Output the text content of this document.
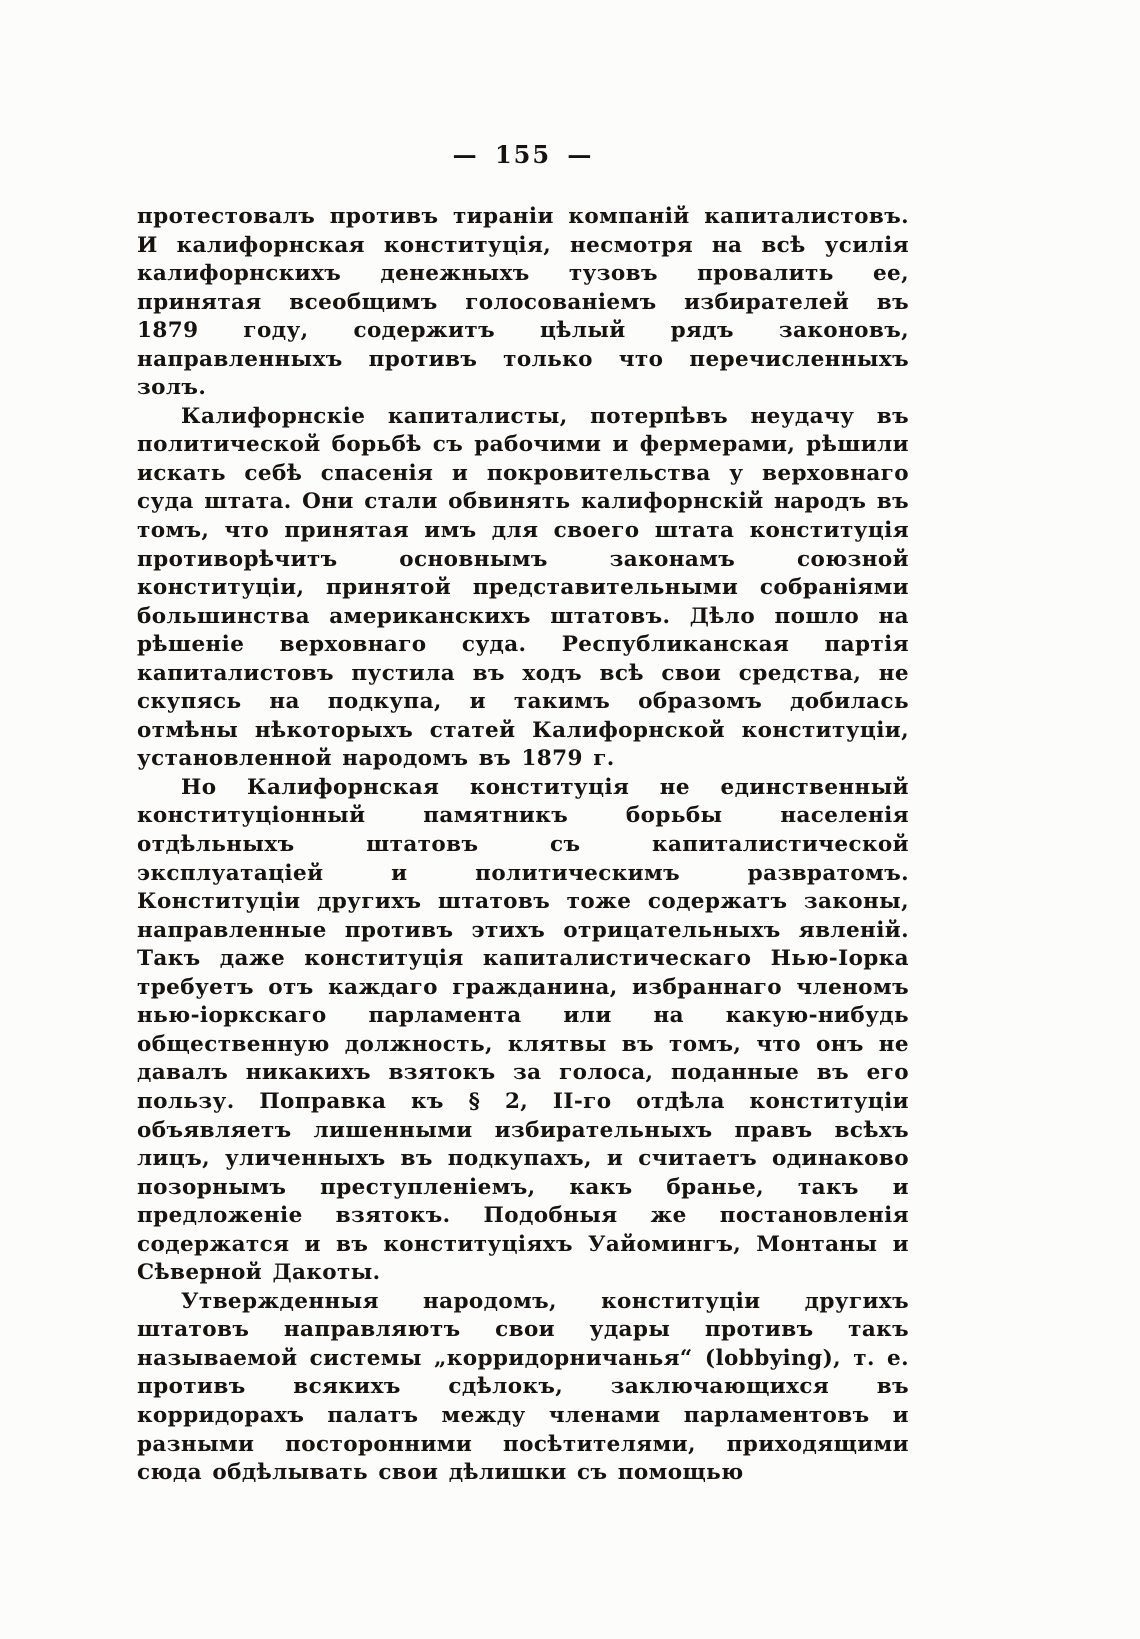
— 155 —

протестовалъ противъ тираніи компаній капиталистовъ. И калифорнская конституція, несмотря на всѣ усилія калифорнскихъ денежныхъ тузовъ провалить ее, принятая всеобщимъ голосованіемъ избирателей въ 1879 году, содержитъ цѣлый рядъ законовъ, направленныхъ противъ только что перечисленныхъ золъ.

Калифорнскіе капиталисты, потерпѣвъ неудачу въ политической борьбѣ съ рабочими и фермерами, рѣшили искать себѣ спасенія и покровительства у верховнаго суда штата. Они стали обвинять калифорнскій народъ въ томъ, что принятая имъ для своего штата конституція противорѣчитъ основнымъ законамъ союзной конституціи, принятой представительными собраніями большинства американскихъ штатовъ. Дѣло пошло на рѣшеніе верховнаго суда. Республиканская партія капиталистовъ пустила въ ходъ всѣ свои средства, не скупясь на подкупа, и такимъ образомъ добилась отмѣны нѣкоторыхъ статей Калифорнской конституціи, установленной народомъ въ 1879 г.

Но Калифорнская конституція не единственный конституціонный памятникъ борьбы населенія отдѣльныхъ штатовъ съ капиталистической эксплуатаціей и политическимъ развратомъ. Конституціи другихъ штатовъ тоже содержатъ законы, направленные противъ этихъ отрицательныхъ явленій. Такъ даже конституція капиталистическаго Нью-Іорка требуетъ отъ каждаго гражданина, избраннаго членомъ нью-іоркскаго парламента или на какую-нибудь общественную должность, клятвы въ томъ, что онъ не давалъ никакихъ взятокъ за голоса, поданные въ его пользу. Поправка къ § 2, II-го отдѣла конституціи объявляетъ лишенными избирательныхъ правъ всѣхъ лицъ, уличенныхъ въ подкупахъ, и считаетъ одинаково позорнымъ преступленіемъ, какъ бранье, такъ и предложеніе взятокъ. Подобныя же постановленія содержатся и въ конституціяхъ Уайомингъ, Монтаны и Сѣверной Дакоты.

Утвержденныя народомъ, конституціи другихъ штатовъ направляютъ свои удары противъ такъ называемой системы „корридорничанья“ (lobbying), т. е. противъ всякихъ сдѣлокъ, заключающихся въ корридорахъ палатъ между членами парламентовъ и разными посторонними посѣтителями, приходящими сюда обдѣлывать свои дѣлишки съ помощью
